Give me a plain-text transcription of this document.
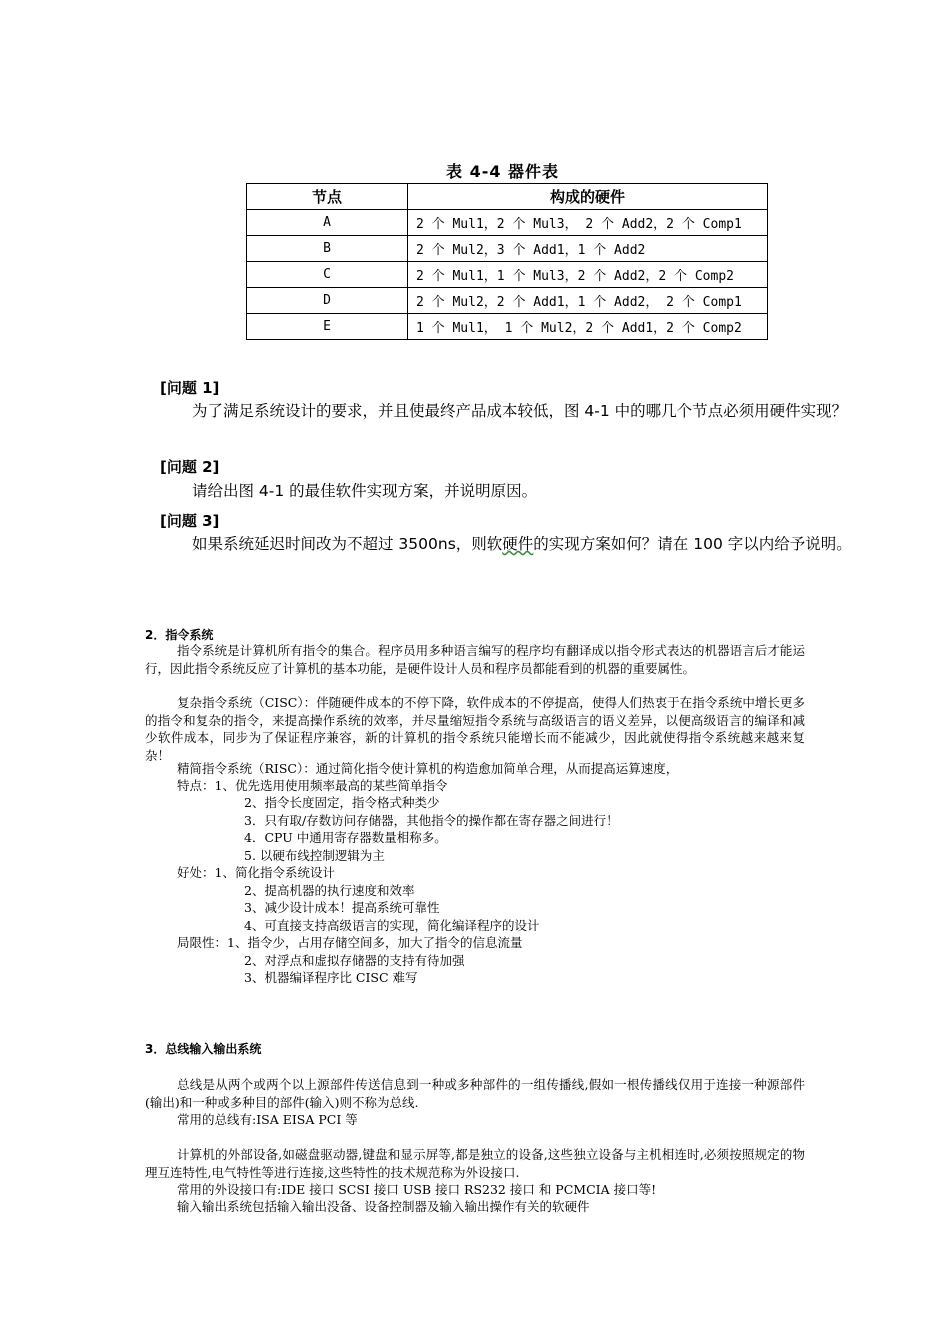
表 4-4 器件表
节点	构成的硬件
A	2 个 Mul1，2 个 Mul3， 2 个 Add2，2 个 Comp1
B	2 个 Mul2，3 个 Add1，1 个 Add2
C	2 个 Mul1，1 个 Mul3，2 个 Add2，2 个 Comp2
D	2 个 Mul2，2 个 Add1，1 个 Add2， 2 个 Comp1
E	1 个 Mul1， 1 个 Mul2，2 个 Add1，2 个 Comp2
[问题 1]
为了满足系统设计的要求，并且使最终产品成本较低，图 4-1 中的哪几个节点必须用硬件实现？
[问题 2]
请给出图 4-1 的最佳软件实现方案，并说明原因。
[问题 3]
如果系统延迟时间改为不超过 3500ns，则软硬件的实现方案如何？请在 100 字以内给予说明。
2．指令系统
指令系统是计算机所有指令的集合。程序员用多种语言编写的程序均有翻译成以指令形式表达的机器语言后才能运行，因此指令系统反应了计算机的基本功能，是硬件设计人员和程序员都能看到的机器的重要属性。
复杂指令系统（CISC）：伴随硬件成本的不停下降，软件成本的不停提高，使得人们热衷于在指令系统中增长更多的指令和复杂的指令，来提高操作系统的效率，并尽量缩短指令系统与高级语言的语义差异，以便高级语言的编译和减少软件成本，同步为了保证程序兼容，新的计算机的指令系统只能增长而不能减少，因此就使得指令系统越来越来复杂！
精简指令系统（RISC）：通过简化指令使计算机的构造愈加简单合理，从而提高运算速度，
特点：1、优先选用使用频率最高的某些简单指令
2、指令长度固定，指令格式种类少
3．只有取/存数访问存储器，其他指令的操作都在寄存器之间进行！
4．CPU 中通用寄存器数量相称多。
5. 以硬布线控制逻辑为主
好处：1、简化指令系统设计
2、提高机器的执行速度和效率
3、减少设计成本！提高系统可靠性
4、可直接支持高级语言的实现，简化编译程序的设计
局限性：1、指令少，占用存储空间多，加大了指令的信息流量
2、对浮点和虚拟存储器的支持有待加强
3、机器编译程序比 CISC 难写
3．总线输入输出系统
总线是从两个或两个以上源部件传送信息到一种或多种部件的一组传播线,假如一根传播线仅用于连接一种源部件(输出)和一种或多种目的部件(输入)则不称为总线.
常用的总线有:ISA EISA PCI 等
计算机的外部设备,如磁盘驱动器,键盘和显示屏等,都是独立的设备,这些独立设备与主机相连时,必须按照规定的物理互连特性,电气特性等进行连接,这些特性的技术规范称为外设接口.
常用的外设接口有:IDE 接口 SCSI 接口 USB 接口 RS232 接口 和 PCMCIA 接口等!
输入输出系统包括输入输出没备、设备控制器及输入输出操作有关的软硬件
